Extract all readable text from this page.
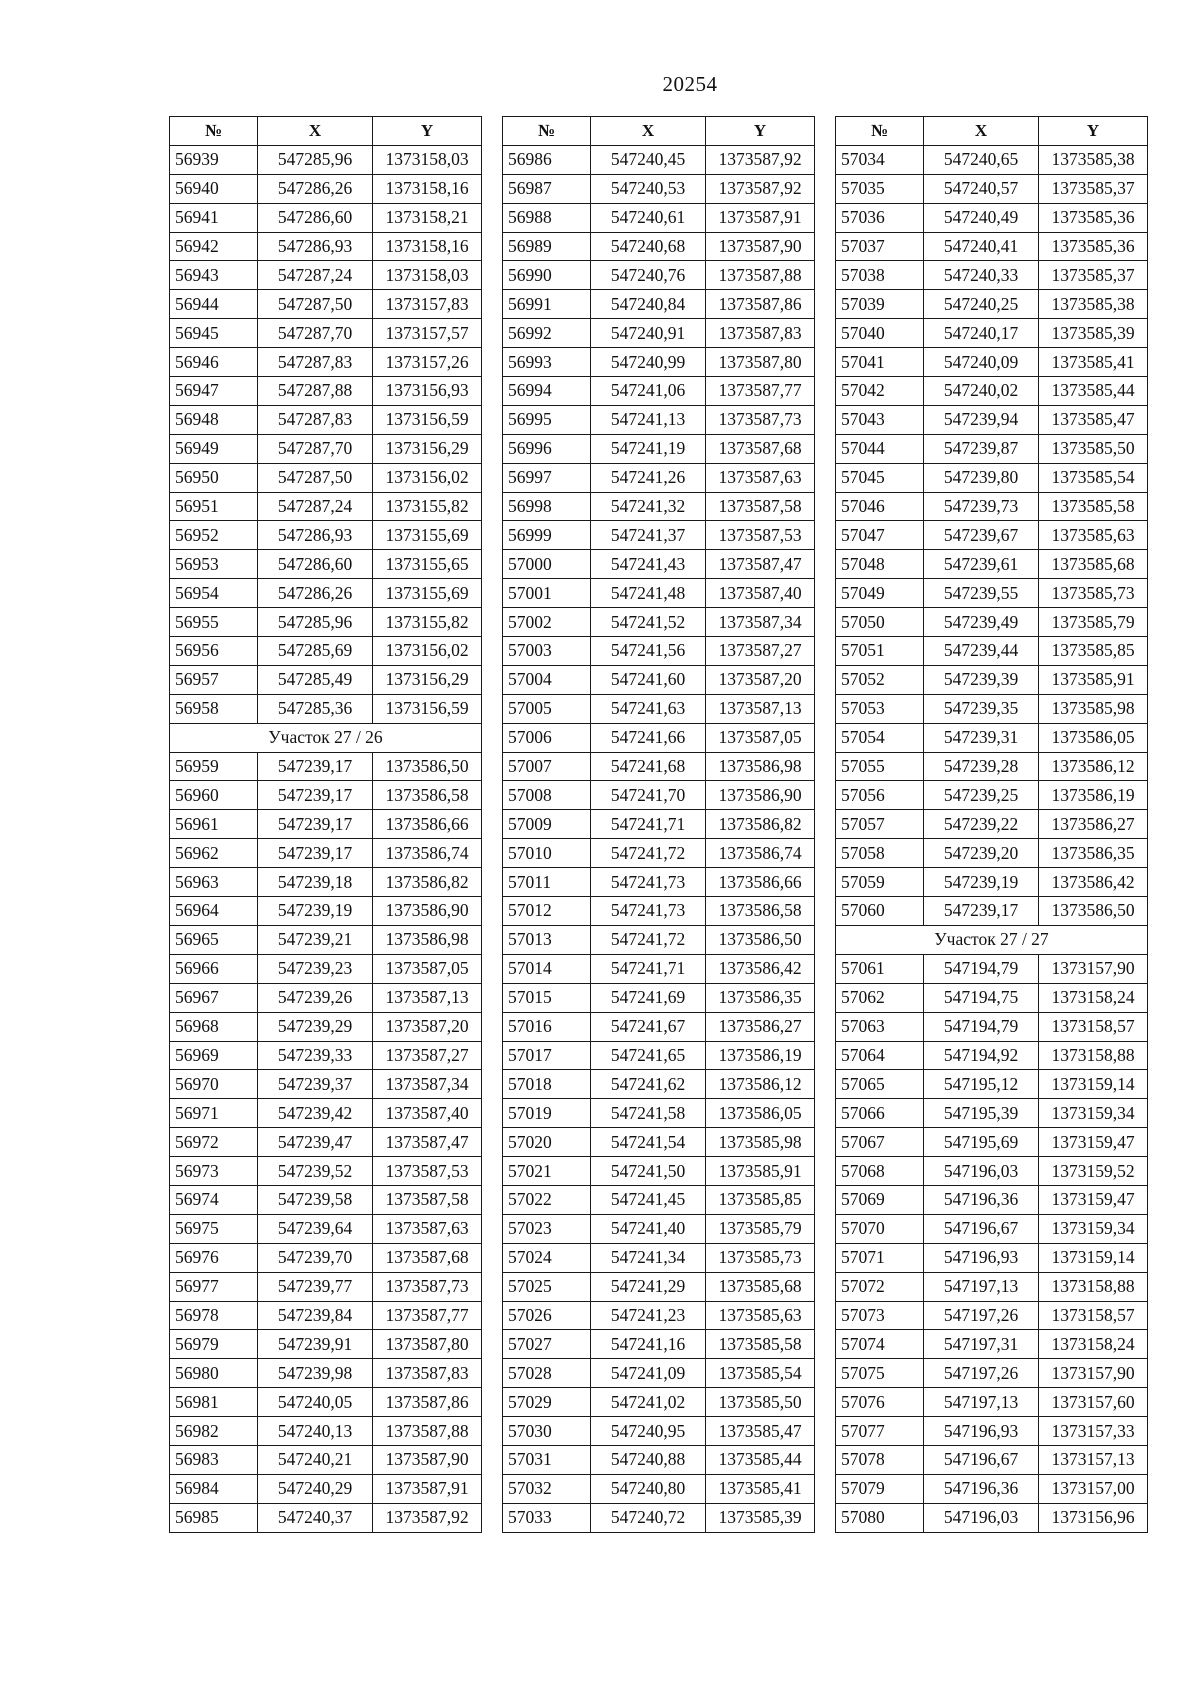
20254
№	X	Y
56939	547285,96	1373158,03
56940	547286,26	1373158,16
56941	547286,60	1373158,21
56942	547286,93	1373158,16
56943	547287,24	1373158,03
56944	547287,50	1373157,83
56945	547287,70	1373157,57
56946	547287,83	1373157,26
56947	547287,88	1373156,93
56948	547287,83	1373156,59
56949	547287,70	1373156,29
56950	547287,50	1373156,02
56951	547287,24	1373155,82
56952	547286,93	1373155,69
56953	547286,60	1373155,65
56954	547286,26	1373155,69
56955	547285,96	1373155,82
56956	547285,69	1373156,02
56957	547285,49	1373156,29
56958	547285,36	1373156,59
Участок 27 / 26		
56959	547239,17	1373586,50
56960	547239,17	1373586,58
56961	547239,17	1373586,66
56962	547239,17	1373586,74
56963	547239,18	1373586,82
56964	547239,19	1373586,90
56965	547239,21	1373586,98
56966	547239,23	1373587,05
56967	547239,26	1373587,13
56968	547239,29	1373587,20
56969	547239,33	1373587,27
56970	547239,37	1373587,34
56971	547239,42	1373587,40
56972	547239,47	1373587,47
56973	547239,52	1373587,53
56974	547239,58	1373587,58
56975	547239,64	1373587,63
56976	547239,70	1373587,68
56977	547239,77	1373587,73
56978	547239,84	1373587,77
56979	547239,91	1373587,80
56980	547239,98	1373587,83
56981	547240,05	1373587,86
56982	547240,13	1373587,88
56983	547240,21	1373587,90
56984	547240,29	1373587,91
56985	547240,37	1373587,92
№	X	Y
56986	547240,45	1373587,92
56987	547240,53	1373587,92
56988	547240,61	1373587,91
56989	547240,68	1373587,90
56990	547240,76	1373587,88
56991	547240,84	1373587,86
56992	547240,91	1373587,83
56993	547240,99	1373587,80
56994	547241,06	1373587,77
56995	547241,13	1373587,73
56996	547241,19	1373587,68
56997	547241,26	1373587,63
56998	547241,32	1373587,58
56999	547241,37	1373587,53
57000	547241,43	1373587,47
57001	547241,48	1373587,40
57002	547241,52	1373587,34
57003	547241,56	1373587,27
57004	547241,60	1373587,20
57005	547241,63	1373587,13
57006	547241,66	1373587,05
57007	547241,68	1373586,98
57008	547241,70	1373586,90
57009	547241,71	1373586,82
57010	547241,72	1373586,74
57011	547241,73	1373586,66
57012	547241,73	1373586,58
57013	547241,72	1373586,50
57014	547241,71	1373586,42
57015	547241,69	1373586,35
57016	547241,67	1373586,27
57017	547241,65	1373586,19
57018	547241,62	1373586,12
57019	547241,58	1373586,05
57020	547241,54	1373585,98
57021	547241,50	1373585,91
57022	547241,45	1373585,85
57023	547241,40	1373585,79
57024	547241,34	1373585,73
57025	547241,29	1373585,68
57026	547241,23	1373585,63
57027	547241,16	1373585,58
57028	547241,09	1373585,54
57029	547241,02	1373585,50
57030	547240,95	1373585,47
57031	547240,88	1373585,44
57032	547240,80	1373585,41
57033	547240,72	1373585,39
№	X	Y
57034	547240,65	1373585,38
57035	547240,57	1373585,37
57036	547240,49	1373585,36
57037	547240,41	1373585,36
57038	547240,33	1373585,37
57039	547240,25	1373585,38
57040	547240,17	1373585,39
57041	547240,09	1373585,41
57042	547240,02	1373585,44
57043	547239,94	1373585,47
57044	547239,87	1373585,50
57045	547239,80	1373585,54
57046	547239,73	1373585,58
57047	547239,67	1373585,63
57048	547239,61	1373585,68
57049	547239,55	1373585,73
57050	547239,49	1373585,79
57051	547239,44	1373585,85
57052	547239,39	1373585,91
57053	547239,35	1373585,98
57054	547239,31	1373586,05
57055	547239,28	1373586,12
57056	547239,25	1373586,19
57057	547239,22	1373586,27
57058	547239,20	1373586,35
57059	547239,19	1373586,42
57060	547239,17	1373586,50
Участок 27 / 27		
57061	547194,79	1373157,90
57062	547194,75	1373158,24
57063	547194,79	1373158,57
57064	547194,92	1373158,88
57065	547195,12	1373159,14
57066	547195,39	1373159,34
57067	547195,69	1373159,47
57068	547196,03	1373159,52
57069	547196,36	1373159,47
57070	547196,67	1373159,34
57071	547196,93	1373159,14
57072	547197,13	1373158,88
57073	547197,26	1373158,57
57074	547197,31	1373158,24
57075	547197,26	1373157,90
57076	547197,13	1373157,60
57077	547196,93	1373157,33
57078	547196,67	1373157,13
57079	547196,36	1373157,00
57080	547196,03	1373156,96
